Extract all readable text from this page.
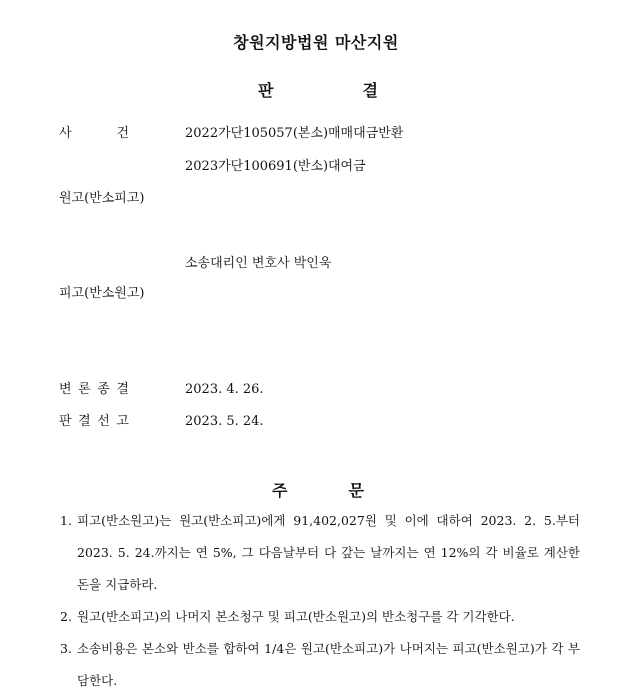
창원지방법원 마산지원
판	결
사	건	2022가단105057(본소) 매매대금반환
2023가단100691(반소) 대여금
원고(반소피고)
소송대리인 변호사 박인욱
피고(반소원고)
변 론 종 결	2023. 4. 26.
판 결 선 고	2023. 5. 24.
주	문
1. 피고(반소원고)는 원고(반소피고)에게 91,402,027원 및 이에 대하여 2023. 2. 5.부터 2023. 5. 24.까지는 연 5%, 그 다음날부터 다 갚는 날까지는 연 12%의 각 비율로 계산한 돈을 지급하라.
2. 원고(반소피고)의 나머지 본소청구 및 피고(반소원고)의 반소청구를 각 기각한다.
3. 소송비용은 본소와 반소를 합하여 1/4은 원고(반소피고)가 나머지는 피고(반소원고)가 각 부담한다.
